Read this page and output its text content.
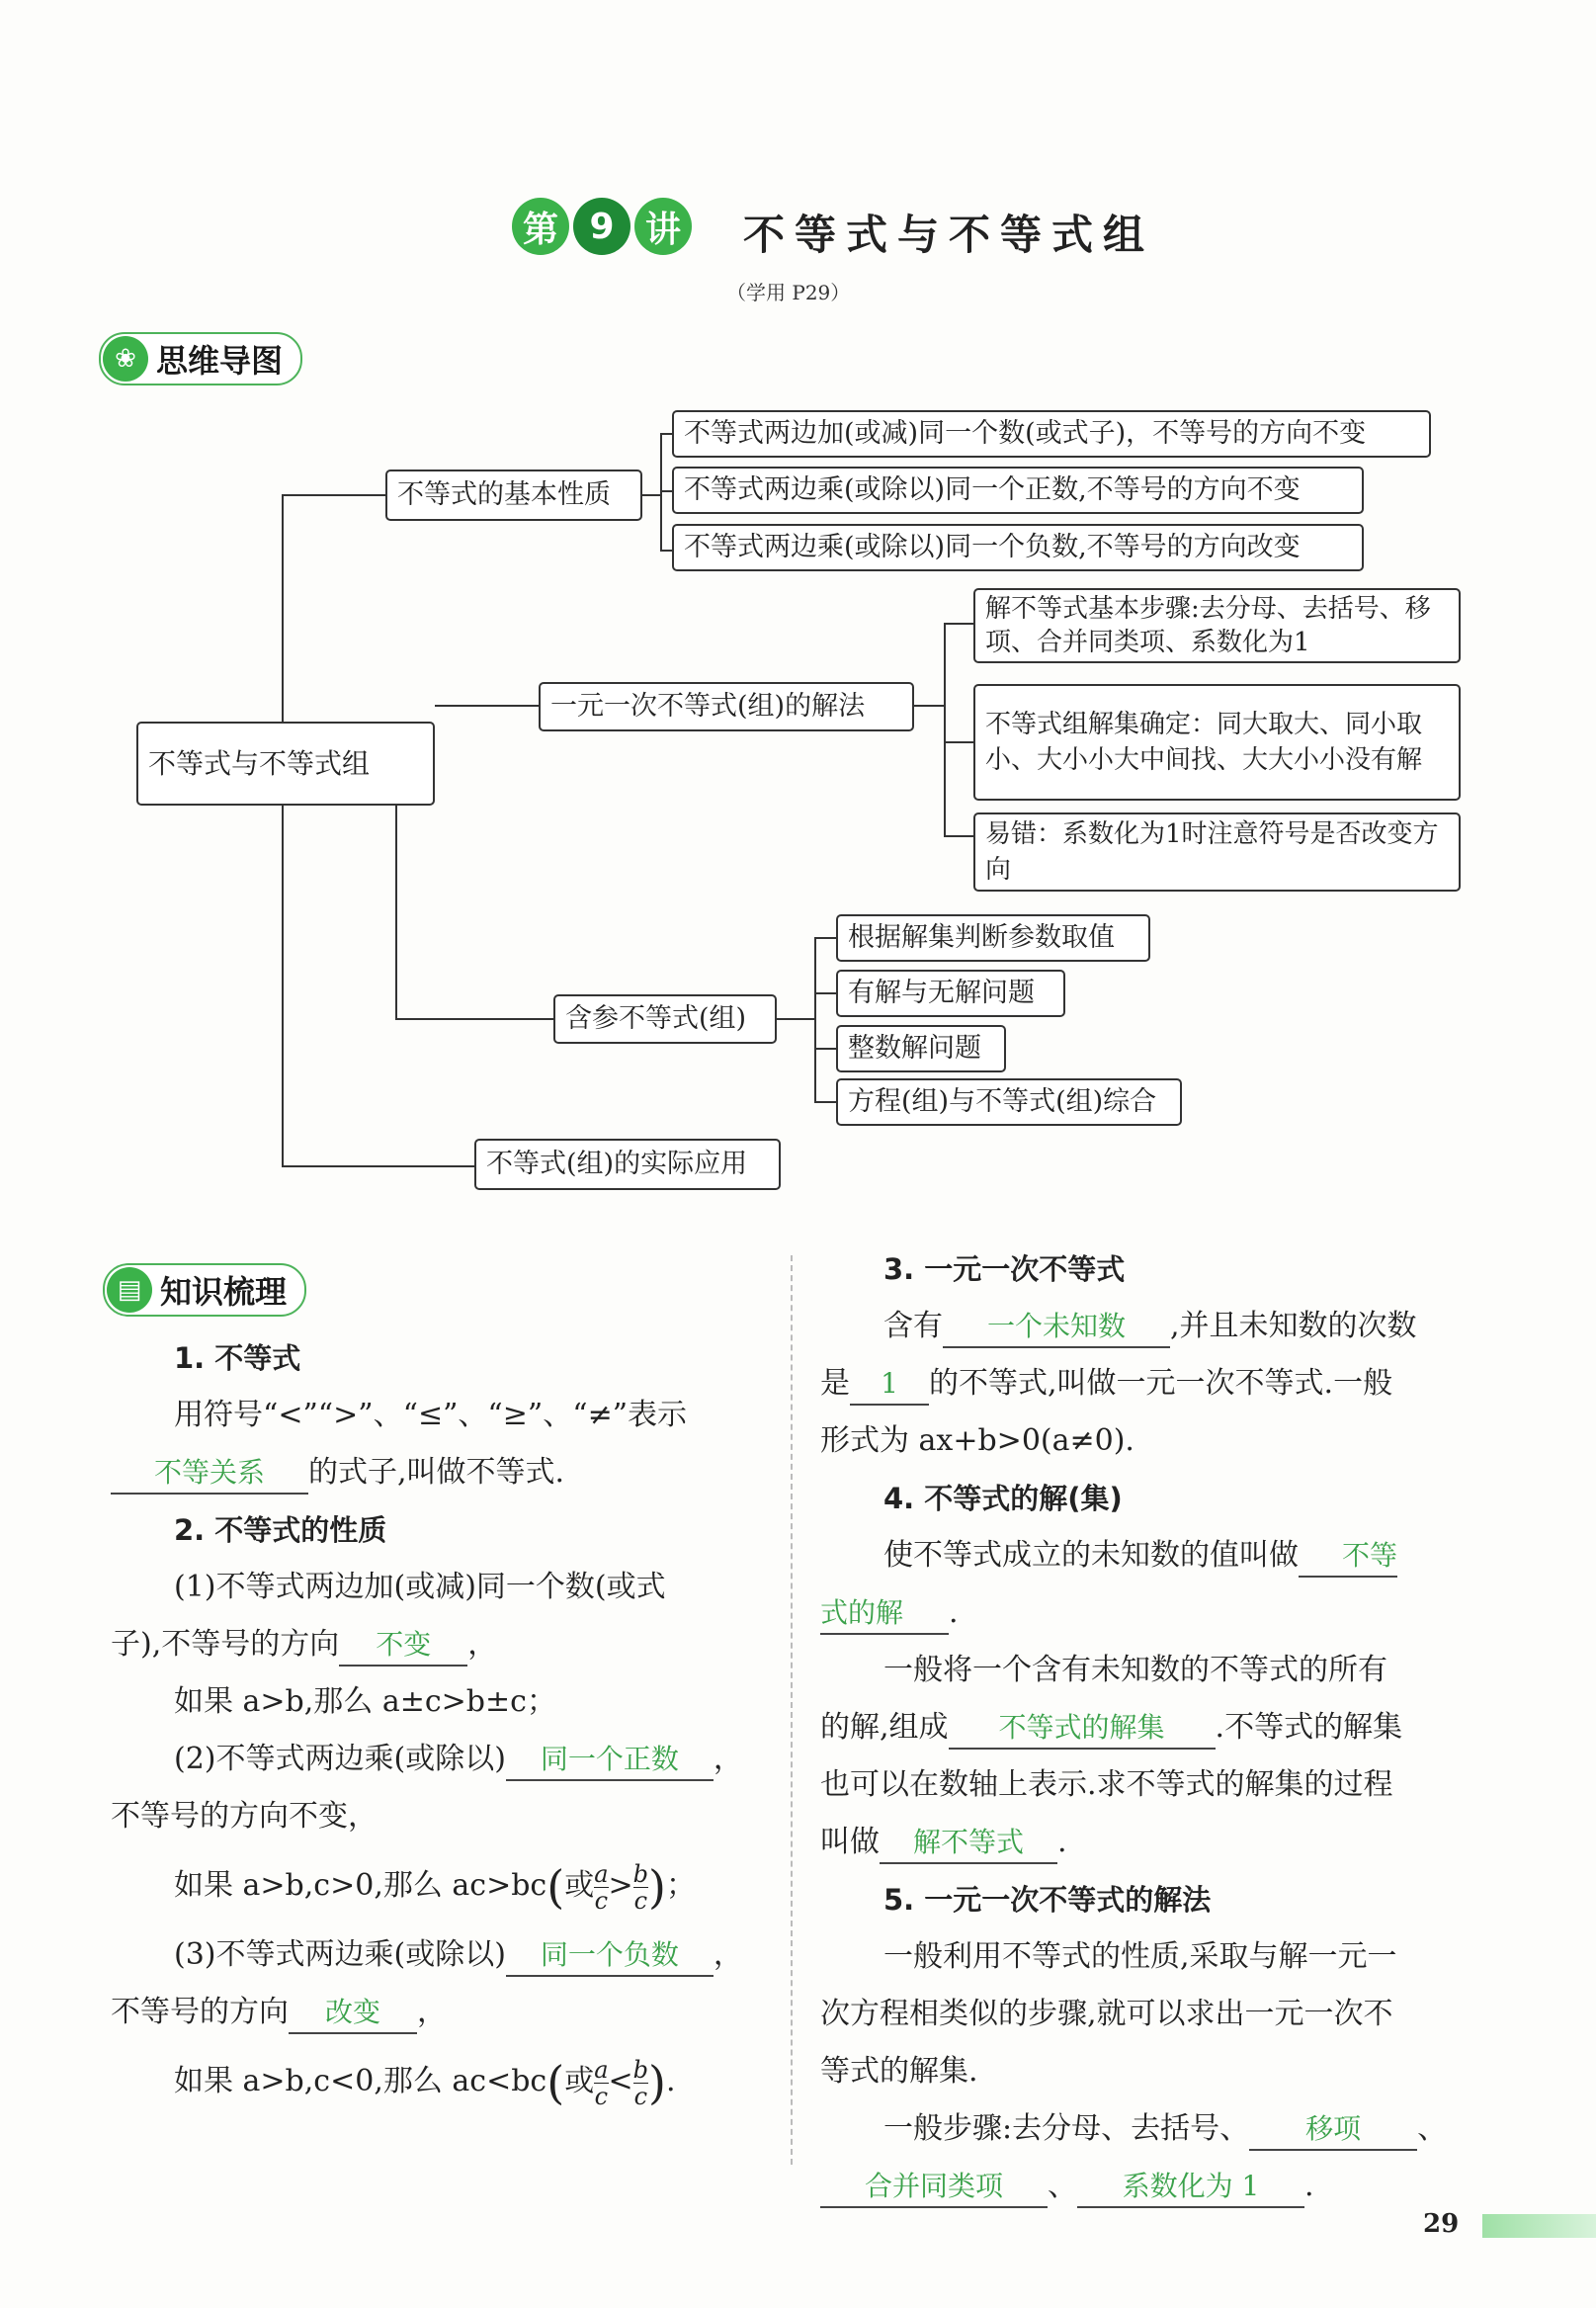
第 9 讲 不等式与不等式组
（学用 P29）
❀ 思维导图
不等式与不等式组
不等式的基本性质
不等式两边加(或减)同一个数(或式子)，不等号的方向不变
不等式两边乘(或除以)同一个正数,不等号的方向不变
不等式两边乘(或除以)同一个负数,不等号的方向改变
一元一次不等式(组)的解法
解不等式基本步骤:去分母、去括号、移项、合并同类项、系数化为1
不等式组解集确定：同大取大、同小取小、大小小大中间找、大大小小没有解
易错：系数化为1时注意符号是否改变方向
含参不等式(组)
根据解集判断参数取值
有解与无解问题
整数解问题
方程(组)与不等式(组)综合
不等式(组)的实际应用
▤ 知识梳理
1. 不等式
用符号“<”“>”、“≤”、“≥”、“≠”表示
不等关系 的式子,叫做不等式.
2. 不等式的性质
(1)不等式两边加(或减)同一个数(或式
子),不等号的方向 不变 ，
如果 a>b,那么 a±c>b±c；
(2)不等式两边乘(或除以) 同一个正数 ，
不等号的方向不变，
如果 a>b,c>0,那么 ac>bc(或 $\frac{a}{c} > \frac{b}{c}$ )；
(3)不等式两边乘(或除以) 同一个负数 ，
不等号的方向 改变 ，
如果 a>b,c<0,那么 ac<bc(或 $\frac{a}{c} < \frac{b}{c}$ ).
3. 一元一次不等式
含有 一个未知数 ,并且未知数的次数
是 1 的不等式,叫做一元一次不等式.一般
形式为 ax+b>0(a≠0).
4. 不等式的解(集)
使不等式成立的未知数的值叫做 不等
式的解 .
一般将一个含有未知数的不等式的所有
的解,组成 不等式的解集 .不等式的解集
也可以在数轴上表示.求不等式的解集的过程
叫做 解不等式 .
5. 一元一次不等式的解法
一般利用不等式的性质,采取与解一元一
次方程相类似的步骤,就可以求出一元一次不
等式的解集.
一般步骤:去分母、去括号、 移项 、
合并同类项 、 系数化为 1 .
29
